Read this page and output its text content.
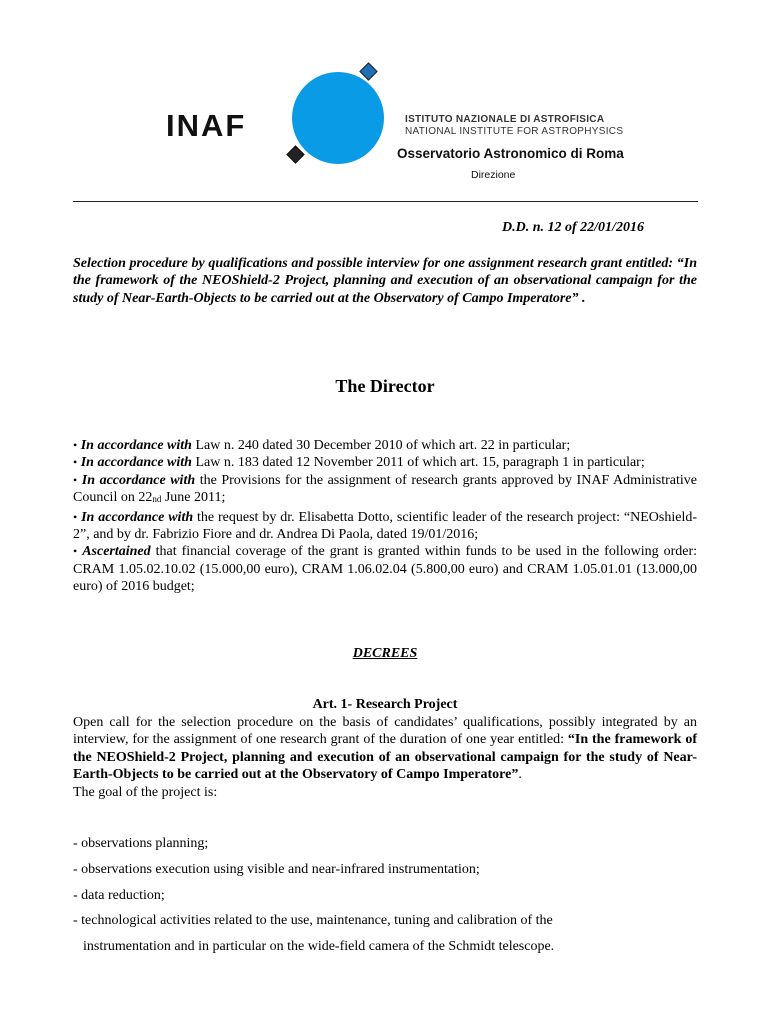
INAF	ISTITUTO NAZIONALE DI ASTROFISICA
NATIONAL INSTITUTE FOR ASTROPHYSICS
Osservatorio Astronomico di Roma
Direzione
D.D. n. 12 of 22/01/2016
Selection procedure by qualifications and possible interview for one assignment research grant entitled: “In the framework of the NEOShield-2 Project, planning and execution of an observational campaign for the study of Near-Earth-Objects to be carried out at the Observatory of Campo Imperatore” .
The Director

• In accordance with Law n. 240 dated 30 December 2010 of which art. 22 in particular;

• In accordance with Law n. 183 dated 12 November 2011 of which art. 15, paragraph 1 in particular;

• In accordance with the Provisions for the assignment of research grants approved by INAF Administrative Council on 22nd June 2011;

• In accordance with the request by dr. Elisabetta Dotto, scientific leader of the research project: “NEOshield-2”, and by dr. Fabrizio Fiore and dr. Andrea Di Paola, dated 19/01/2016;

• Ascertained that financial coverage of the grant is granted within funds to be used in the following order: CRAM 1.05.02.10.02 (15.000,00 euro), CRAM 1.06.02.04 (5.800,00 euro) and CRAM 1.05.01.01 (13.000,00 euro) of 2016 budget;

DECREES
Art. 1- Research Project
Open call for the selection procedure on the basis of candidates’ qualifications, possibly integrated by an interview, for the assignment of one research grant of the duration of one year entitled: “In the framework of the NEOShield-2 Project, planning and execution of an observational campaign for the study of Near-Earth-Objects to be carried out at the Observatory of Campo Imperatore”.
The goal of the project is:
- observations planning;
- observations execution using visible and near-infrared instrumentation;
- data reduction;
- technological activities related to the use, maintenance, tuning and calibration of the
instrumentation and in particular on the wide-field camera of the Schmidt telescope.
